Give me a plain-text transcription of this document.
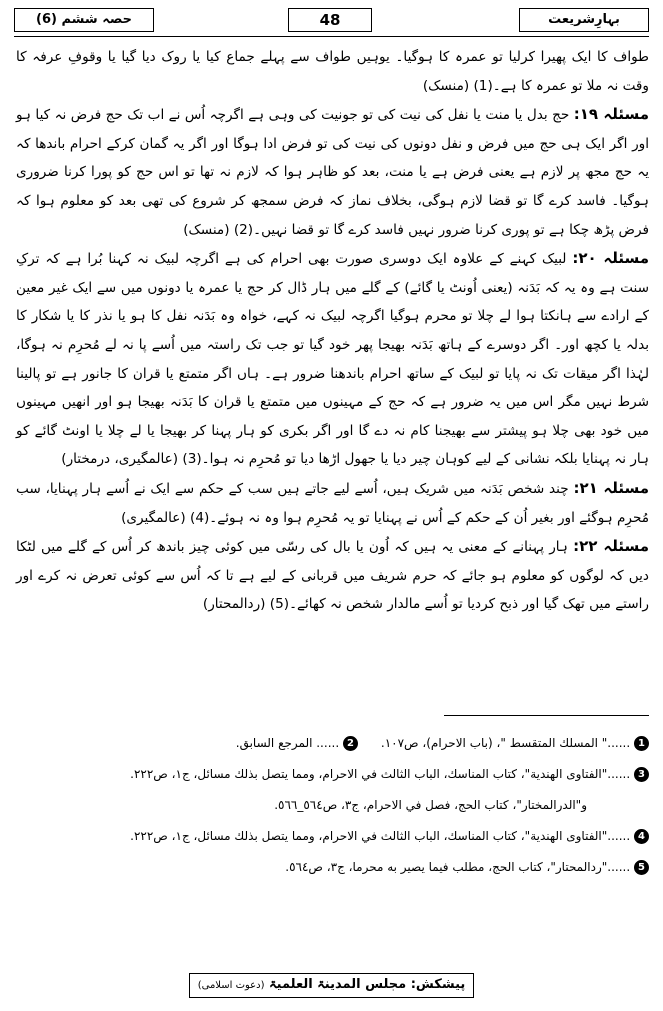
حصہ ششم (6)	48	بہارِشریعت

طواف کا ایک پھیرا کرلیا تو عمرہ کا ہوگیا۔ یوہیں طواف سے پہلے جماع کیا یا روک دیا گیا یا وقوفِ عرفہ کا وقت نہ ملا تو عمرہ کا ہے۔(1) (منسک)

مسئلہ ١٩: حج بدل یا منت یا نفل کی نیت کی تو جونیت کی وہی ہے اگرچہ اُس نے اب تک حج فرض نہ کیا ہو اور اگر ایک ہی حج میں فرض و نفل دونوں کی نیت کی تو فرض ادا ہوگا اور اگر یہ گمان کرکے احرام باندھا کہ یہ حج مجھ پر لازم ہے یعنی فرض ہے یا منت، بعد کو ظاہر ہوا کہ لازم نہ تھا تو اس حج کو پورا کرنا ضروری ہوگیا۔ فاسد کرے گا تو قضا لازم ہوگی، بخلاف نماز کہ فرض سمجھ کر شروع کی تھی بعد کو معلوم ہوا کہ فرض پڑھ چکا ہے تو پوری کرنا ضرور نہیں فاسد کرے گا تو قضا نہیں۔(2) (منسک)

مسئلہ ٢٠: لبیک کہنے کے علاوہ ایک دوسری صورت بھی احرام کی ہے اگرچہ لبیک نہ کہنا بُرا ہے کہ ترکِ سنت ہے وہ یہ کہ بَدَنہ (یعنی اُونٹ یا گائے) کے گلے میں ہار ڈال کر حج یا عمرہ یا دونوں میں سے ایک غیر معین کے ارادے سے ہانکتا ہوا لے چلا تو محرم ہوگیا اگرچہ لبیک نہ کہے، خواہ وہ بَدَنہ نفل کا ہو یا نذر کا یا شکار کا بدلہ یا کچھ اور۔ اگر دوسرے کے ہاتھ بَدَنہ بھیجا پھر خود گیا تو جب تک راستہ میں اُسے پا نہ لے مُحرِم نہ ہوگا، لہٰذا اگر میقات تک نہ پایا تو لبیک کے ساتھ احرام باندھنا ضرور ہے۔ ہاں اگر متمتع یا قران کا جانور ہے تو پالینا شرط نہیں مگر اس میں یہ ضرور ہے کہ حج کے مہینوں میں متمتع یا قران کا بَدَنہ بھیجا ہو اور انھیں مہینوں میں خود بھی چلا ہو پیشتر سے بھیجنا کام نہ دے گا اور اگر بکری کو ہار پہنا کر بھیجا یا لے چلا یا اونٹ گائے کو ہار نہ پہنایا بلکہ نشانی کے لیے کوہان چیر دیا یا جھول اڑھا دیا تو مُحرِم نہ ہوا۔(3) (عالمگیری، درمختار)

مسئلہ ٢١: چند شخص بَدَنہ میں شریک ہیں، اُسے لیے جاتے ہیں سب کے حکم سے ایک نے اُسے ہار پہنایا، سب مُحرِم ہوگئے اور بغیر اُن کے حکم کے اُس نے پہنایا تو یہ مُحرِم ہوا وہ نہ ہوئے۔(4) (عالمگیری)

مسئلہ ٢٢: ہار پہنانے کے معنی یہ ہیں کہ اُون یا بال کی رسّی میں کوئی چیز باندھ کر اُس کے گلے میں لٹکا دیں کہ لوگوں کو معلوم ہو جائے کہ حرم شریف میں قربانی کے لیے ہے تا کہ اُس سے کوئی تعرض نہ کرے اور راستے میں تھک گیا اور ذبح کردیا تو اُسے مالدار شخص نہ کھائے۔(5) (ردالمحتار)

1 ......" المسلك المتقسط "، (باب الاحرام)، ص١٠٧.      2 ...... المرجع السابق.
3 ......"الفتاوى الهندية"، كتاب المناسك، الباب الثالث في الاحرام، ومما يتصل بذلك مسائل، ج١، ص٢٢٢.
و"الدرالمختار"، كتاب الحج، فصل في الاحرام، ج٣، ص٥٦٤_٥٦٦.
4 ......"الفتاوى الهندية"، كتاب المناسك، الباب الثالث في الاحرام، ومما يتصل بذلك مسائل، ج١، ص٢٢٢.
5 ......"ردالمحتار"، كتاب الحج، مطلب فيما يصير به محرما، ج٣، ص٥٦٤.
پیشکش: مجلس المدینۃ العلمیۃ (دعوت اسلامی)
